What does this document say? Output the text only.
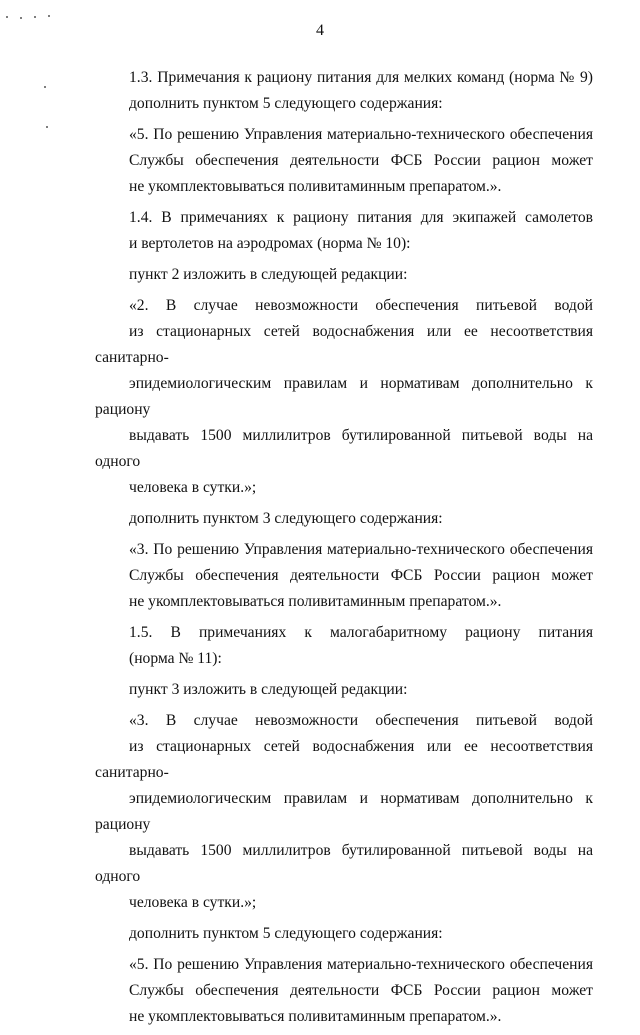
4
1.3. Примечания к рациону питания для мелких команд (норма № 9)
дополнить пунктом 5 следующего содержания:
«5. По решению Управления материально-технического обеспечения
Службы обеспечения деятельности ФСБ России рацион может
не укомплектовываться поливитаминным препаратом.».
1.4. В примечаниях к рациону питания для экипажей самолетов
и вертолетов на аэродромах (норма № 10):
пункт 2 изложить в следующей редакции:
«2. В случае невозможности обеспечения питьевой водой
из стационарных сетей водоснабжения или ее несоответствия санитарно-
эпидемиологическим правилам и нормативам дополнительно к рациону
выдавать 1500 миллилитров бутилированной питьевой воды на одного
человека в сутки.»;
дополнить пунктом 3 следующего содержания:
«3. По решению Управления материально-технического обеспечения
Службы обеспечения деятельности ФСБ России рацион может
не укомплектовываться поливитаминным препаратом.».
1.5. В примечаниях к малогабаритному рациону питания
(норма № 11):
пункт 3 изложить в следующей редакции:
«3. В случае невозможности обеспечения питьевой водой
из стационарных сетей водоснабжения или ее несоответствия санитарно-
эпидемиологическим правилам и нормативам дополнительно к рациону
выдавать 1500 миллилитров бутилированной питьевой воды на одного
человека в сутки.»;
дополнить пунктом 5 следующего содержания:
«5. По решению Управления материально-технического обеспечения
Службы обеспечения деятельности ФСБ России рацион может
не укомплектовываться поливитаминным препаратом.».
